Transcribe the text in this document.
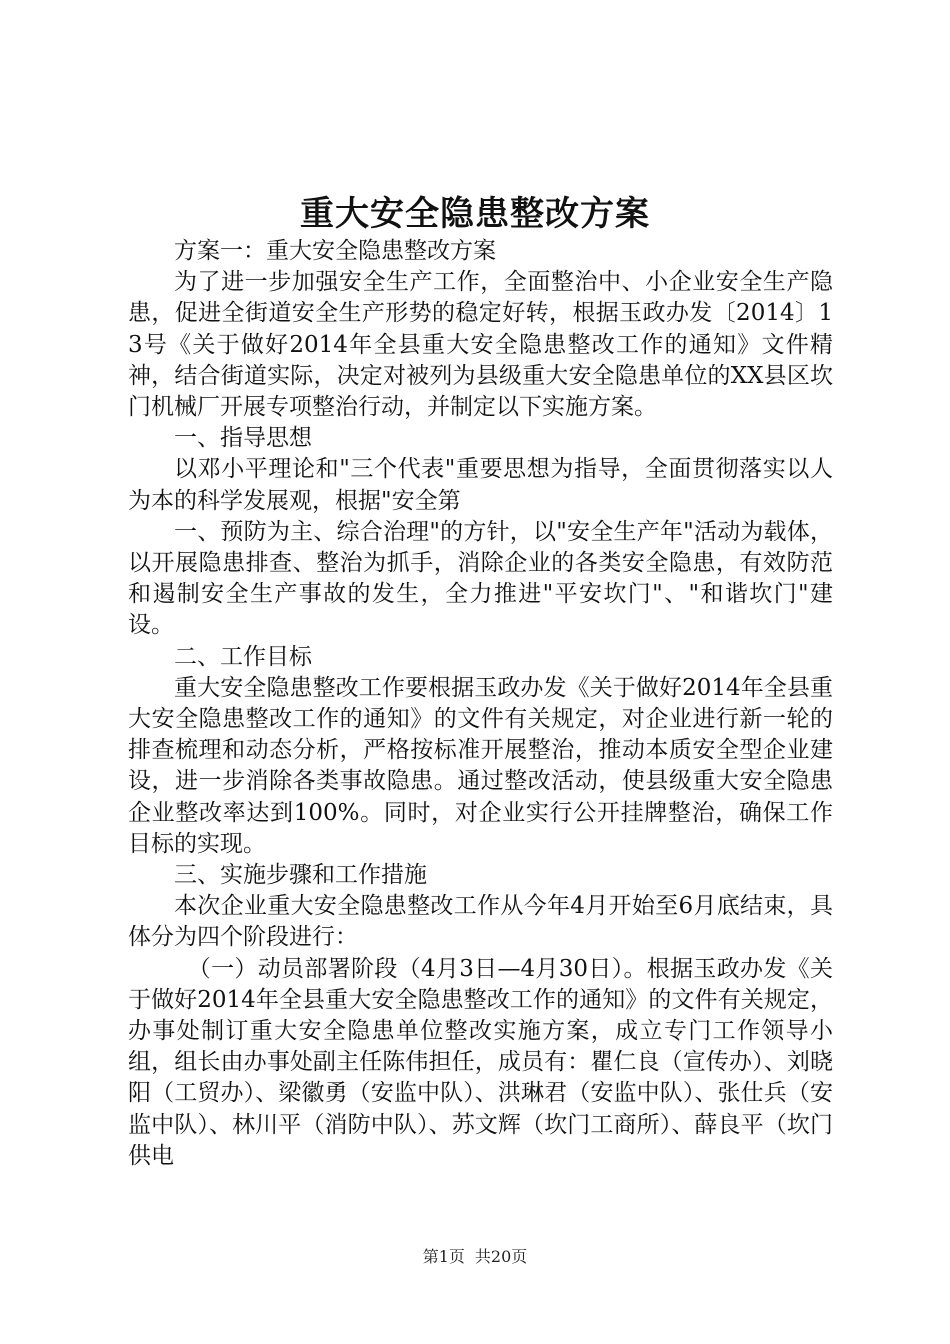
重大安全隐患整改方案

方案一：重大安全隐患整改方案

为了进一步加强安全生产工作，全面整治中、小企业安全生产隐患，促进全街道安全生产形势的稳定好转，根据玉政办发〔2014〕13号《关于做好2014年全县重大安全隐患整改工作的通知》文件精神，结合街道实际，决定对被列为县级重大安全隐患单位的XX县区坎门机械厂开展专项整治行动，并制定以下实施方案。

一、指导思想

以邓小平理论和"三个代表"重要思想为指导，全面贯彻落实以人为本的科学发展观，根据"安全第

一、预防为主、综合治理"的方针，以"安全生产年"活动为载体，以开展隐患排查、整治为抓手，消除企业的各类安全隐患，有效防范和遏制安全生产事故的发生，全力推进"平安坎门"、"和谐坎门"建设。

二、工作目标

重大安全隐患整改工作要根据玉政办发《关于做好2014年全县重大安全隐患整改工作的通知》的文件有关规定，对企业进行新一轮的排查梳理和动态分析，严格按标准开展整治，推动本质安全型企业建设，进一步消除各类事故隐患。通过整改活动，使县级重大安全隐患企业整改率达到100%。同时，对企业实行公开挂牌整治，确保工作目标的实现。

三、实施步骤和工作措施

本次企业重大安全隐患整改工作从今年4月开始至6月底结束，具体分为四个阶段进行：

（一）动员部署阶段（4月3日—4月30日）。根据玉政办发《关于做好2014年全县重大安全隐患整改工作的通知》的文件有关规定，办事处制订重大安全隐患单位整改实施方案，成立专门工作领导小组，组长由办事处副主任陈伟担任，成员有：瞿仁良（宣传办）、刘晓阳（工贸办）、梁徽勇（安监中队）、洪琳君（安监中队）、张仕兵（安监中队）、林川平（消防中队）、苏文辉（坎门工商所）、薛良平（坎门供电

第1页 共20页
